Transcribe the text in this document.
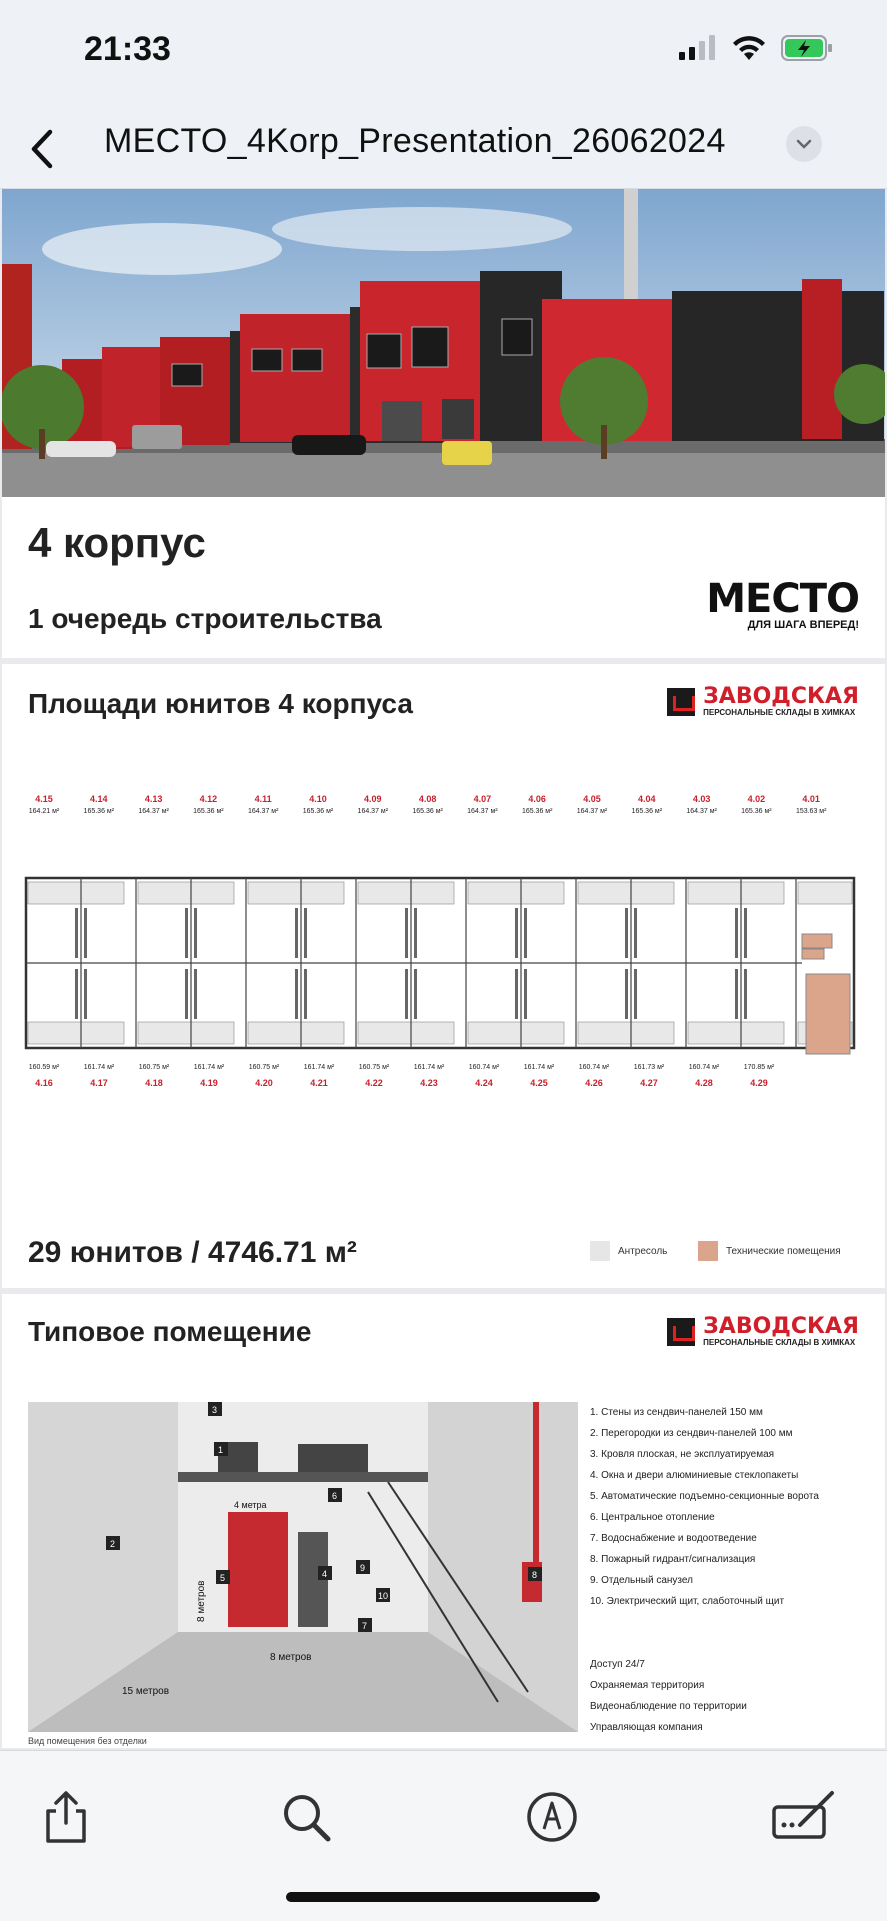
21:33
MECTO_4Korp_Presentation_26062024
4 корпус
1 очередь строительства	MECTO
ДЛЯ ШАГА ВПЕРЕД!
Площади юнитов 4 корпуса	ЗАВОДСКАЯ
ПЕРСОНАЛЬНЫЕ СКЛАДЫ В ХИМКАХ
4.15
164.21 м²
4.14
165.36 м²
4.13
164.37 м²
4.12
165.36 м²
4.11
164.37 м²
4.10
165.36 м²
4.09
164.37 м²
4.08
165.36 м²
4.07
164.37 м²
4.06
165.36 м²
4.05
164.37 м²
4.04
165.36 м²
4.03
164.37 м²
4.02
165.36 м²
4.01
153.63 м²
4.16
160.59 м²
4.17
161.74 м²
4.18
160.75 м²
4.19
161.74 м²
4.20
160.75 м²
4.21
161.74 м²
4.22
160.75 м²
4.23
161.74 м²
4.24
160.74 м²
4.25
161.74 м²
4.26
160.74 м²
4.27
161.73 м²
4.28
160.74 м²
4.29
170.85 м²
29 юнитов / 4746.71 м²	Антресоль	Технические помещения
Типовое помещение	ЗАВОДСКАЯ
ПЕРСОНАЛЬНЫЕ СКЛАДЫ В ХИМКАХ
1
2
3
4
5
6
7
8
9
10
4 метра
8 метров
15 метров
8 метров
1. Стены из сендвич-панелей 150 мм
2. Перегородки из сендвич-панелей 100 мм
3. Кровля плоская, не эксплуатируемая
4. Окна и двери алюминиевые стеклопакеты
5. Автоматические подъемно-секционные ворота
6. Центральное отопление
7. Водоснабжение и водоотведение
8. Пожарный гидрант/сигнализация
9. Отдельный санузел
10. Электрический щит, слаботочный щит
Доступ 24/7
Охраняемая территория
Видеонаблюдение по территории
Управляющая компания
Вид помещения без отделки
